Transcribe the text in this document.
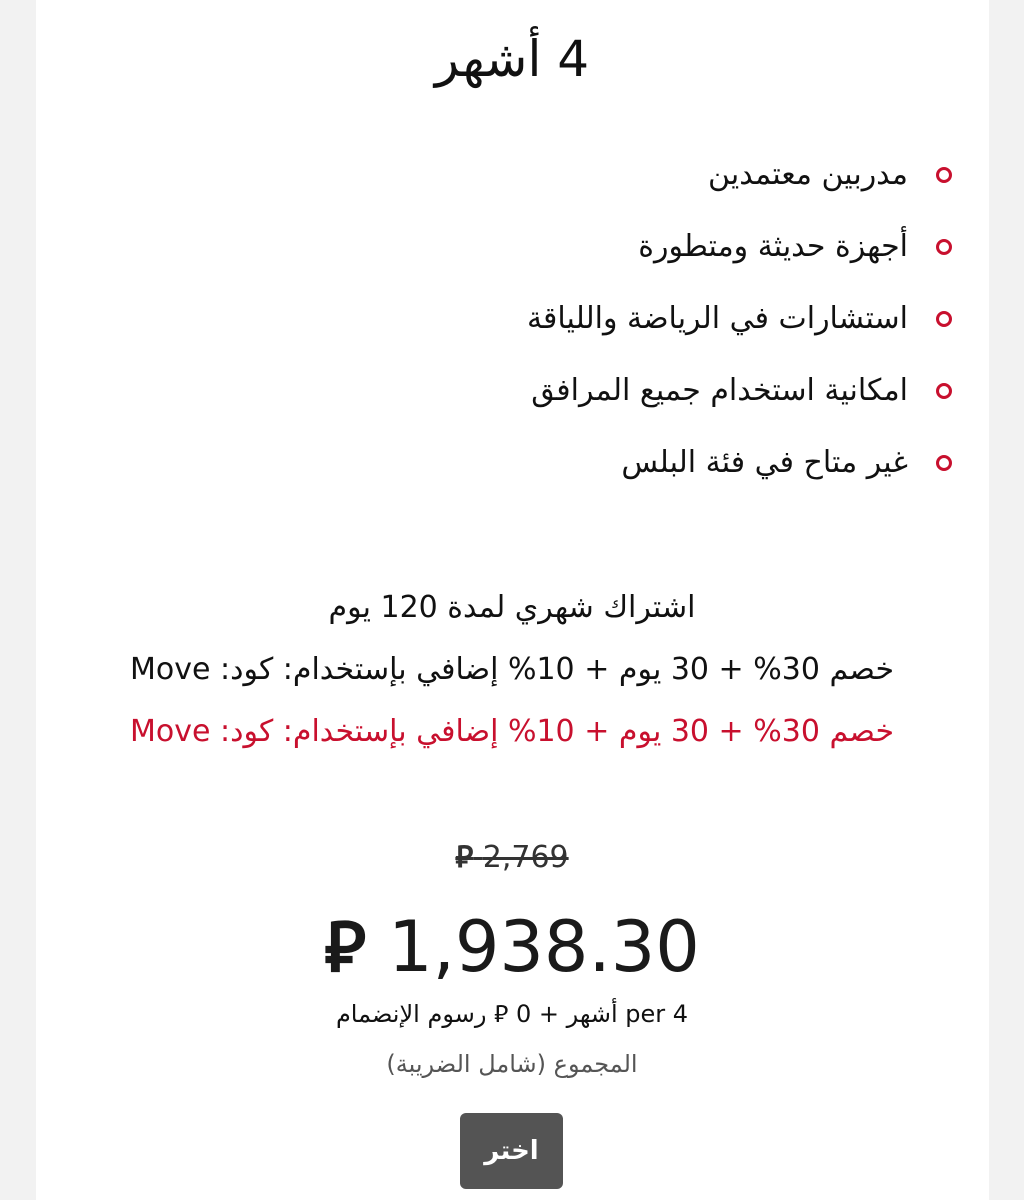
4 أشهر
مدربين معتمدين
أجهزة حديثة ومتطورة
استشارات في الرياضة واللياقة
امكانية استخدام جميع المرافق
غير متاح في فئة البلس
اشتراك شهري لمدة 120 يوم
خصم 30% + 30 يوم + 10% إضافي بإستخدام: كود: Move
خصم 30% + 30 يوم + 10% إضافي بإستخدام: كود: Move
⃁ 2,769
⃁ 1,938.30
per 4 أشهر + 0 ⃁ رسوم الإنضمام
المجموع (شامل الضريبة)
اختر
